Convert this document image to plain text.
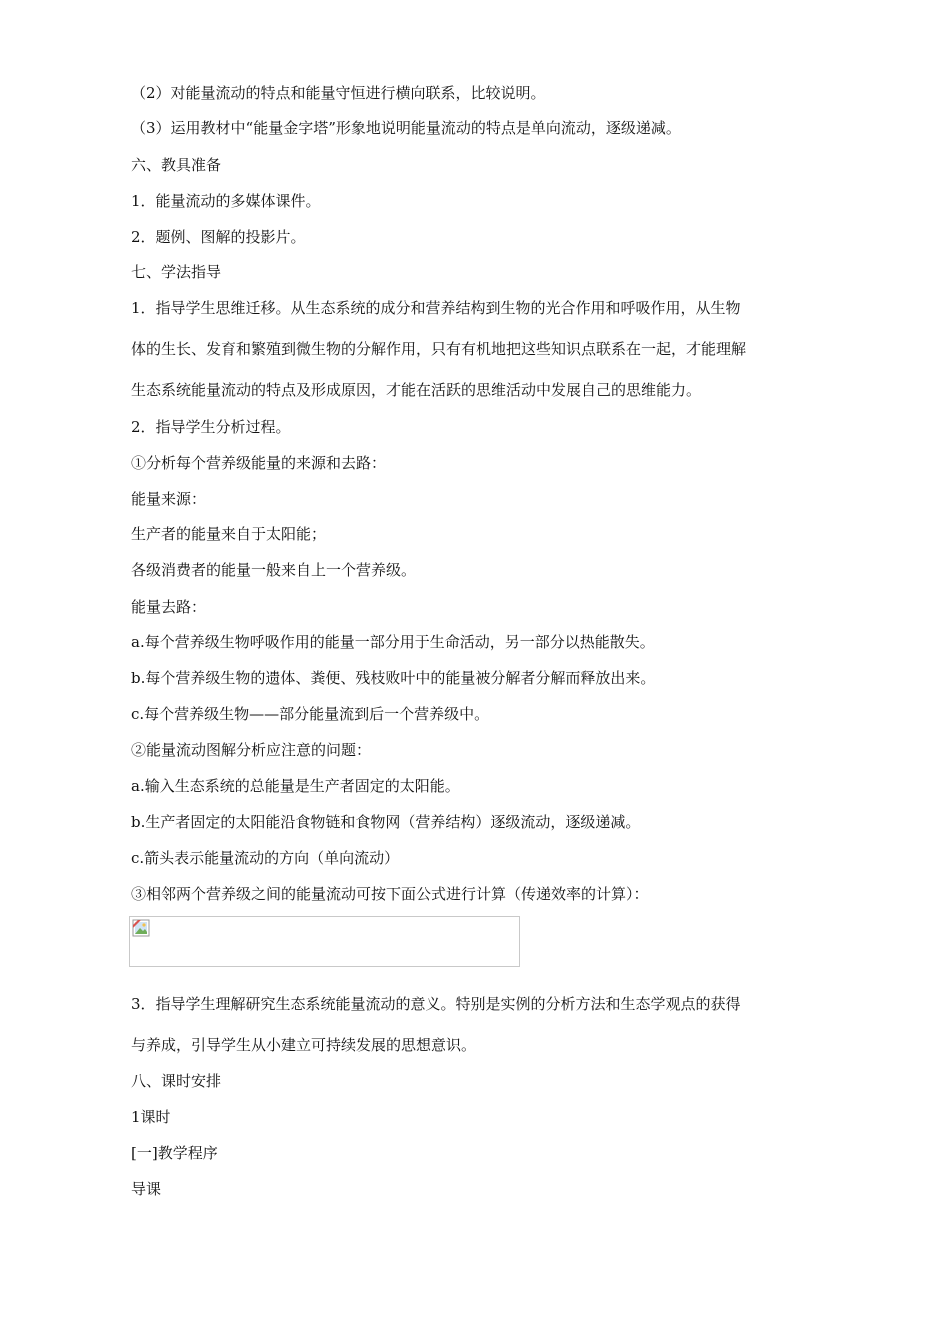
（2）对能量流动的特点和能量守恒进行横向联系，比较说明。
（3）运用教材中“能量金字塔”形象地说明能量流动的特点是单向流动，逐级递减。
六、教具准备
1．能量流动的多媒体课件。
2．题例、图解的投影片。
七、学法指导
1．指导学生思维迁移。从生态系统的成分和营养结构到生物的光合作用和呼吸作用，从生物
体的生长、发育和繁殖到微生物的分解作用，只有有机地把这些知识点联系在一起，才能理解
生态系统能量流动的特点及形成原因，才能在活跃的思维活动中发展自己的思维能力。
2．指导学生分析过程。
①分析每个营养级能量的来源和去路：
能量来源：
生产者的能量来自于太阳能；
各级消费者的能量一般来自上一个营养级。
能量去路：
a.每个营养级生物呼吸作用的能量一部分用于生命活动，另一部分以热能散失。
b.每个营养级生物的遗体、粪便、残枝败叶中的能量被分解者分解而释放出来。
c.每个营养级生物——部分能量流到后一个营养级中。
②能量流动图解分析应注意的问题：
a.输入生态系统的总能量是生产者固定的太阳能。
b.生产者固定的太阳能沿食物链和食物网（营养结构）逐级流动，逐级递减。
c.箭头表示能量流动的方向（单向流动）
③相邻两个营养级之间的能量流动可按下面公式进行计算（传递效率的计算）：
3．指导学生理解研究生态系统能量流动的意义。特别是实例的分析方法和生态学观点的获得
与养成，引导学生从小建立可持续发展的思想意识。
八、课时安排
1课时
[一]教学程序
导课
